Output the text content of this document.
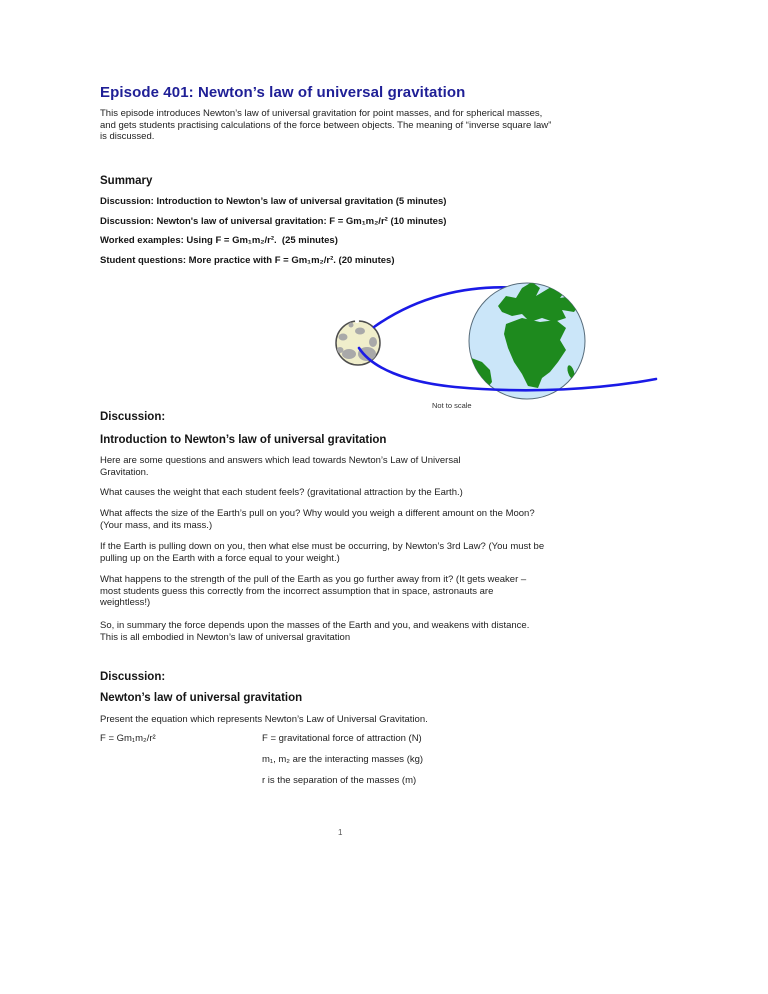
Episode 401: Newton’s law of universal gravitation
This episode introduces Newton’s law of universal gravitation for point masses, and for spherical masses, and gets students practising calculations of the force between objects. The meaning of “inverse square law” is discussed.
Summary

Discussion: Introduction to Newton’s law of universal gravitation (5 minutes)

Discussion: Newton's law of universal gravitation: F = Gm₁m₂/r² (10 minutes)

Worked examples: Using F = Gm₁m₂/r².  (25 minutes)

Student questions: More practice with F = Gm₁m₂/r². (20 minutes)

Not to scale
Discussion:
Introduction to Newton’s law of universal gravitation
Here are some questions and answers which lead towards Newton’s Law of Universal Gravitation.
What causes the weight that each student feels? (gravitational attraction by the Earth.)
What affects the size of the Earth’s pull on you? Why would you weigh a different amount on the Moon? (Your mass, and its mass.)
If the Earth is pulling down on you, then what else must be occurring, by Newton’s 3rd Law? (You must be pulling up on the Earth with a force equal to your weight.)
What happens to the strength of the pull of the Earth as you go further away from it? (It gets weaker – most students guess this correctly from the incorrect assumption that in space, astronauts are weightless!)
So, in summary the force depends upon the masses of the Earth and you, and weakens with distance. This is all embodied in Newton’s law of universal gravitation
Discussion:
Newton’s law of universal gravitation
Present the equation which represents Newton’s Law of Universal Gravitation.
F = Gm₁m₂/r²	F = gravitational force of attraction (N)

m₁, m₂ are the interacting masses (kg)

r is the separation of the masses (m)

1
